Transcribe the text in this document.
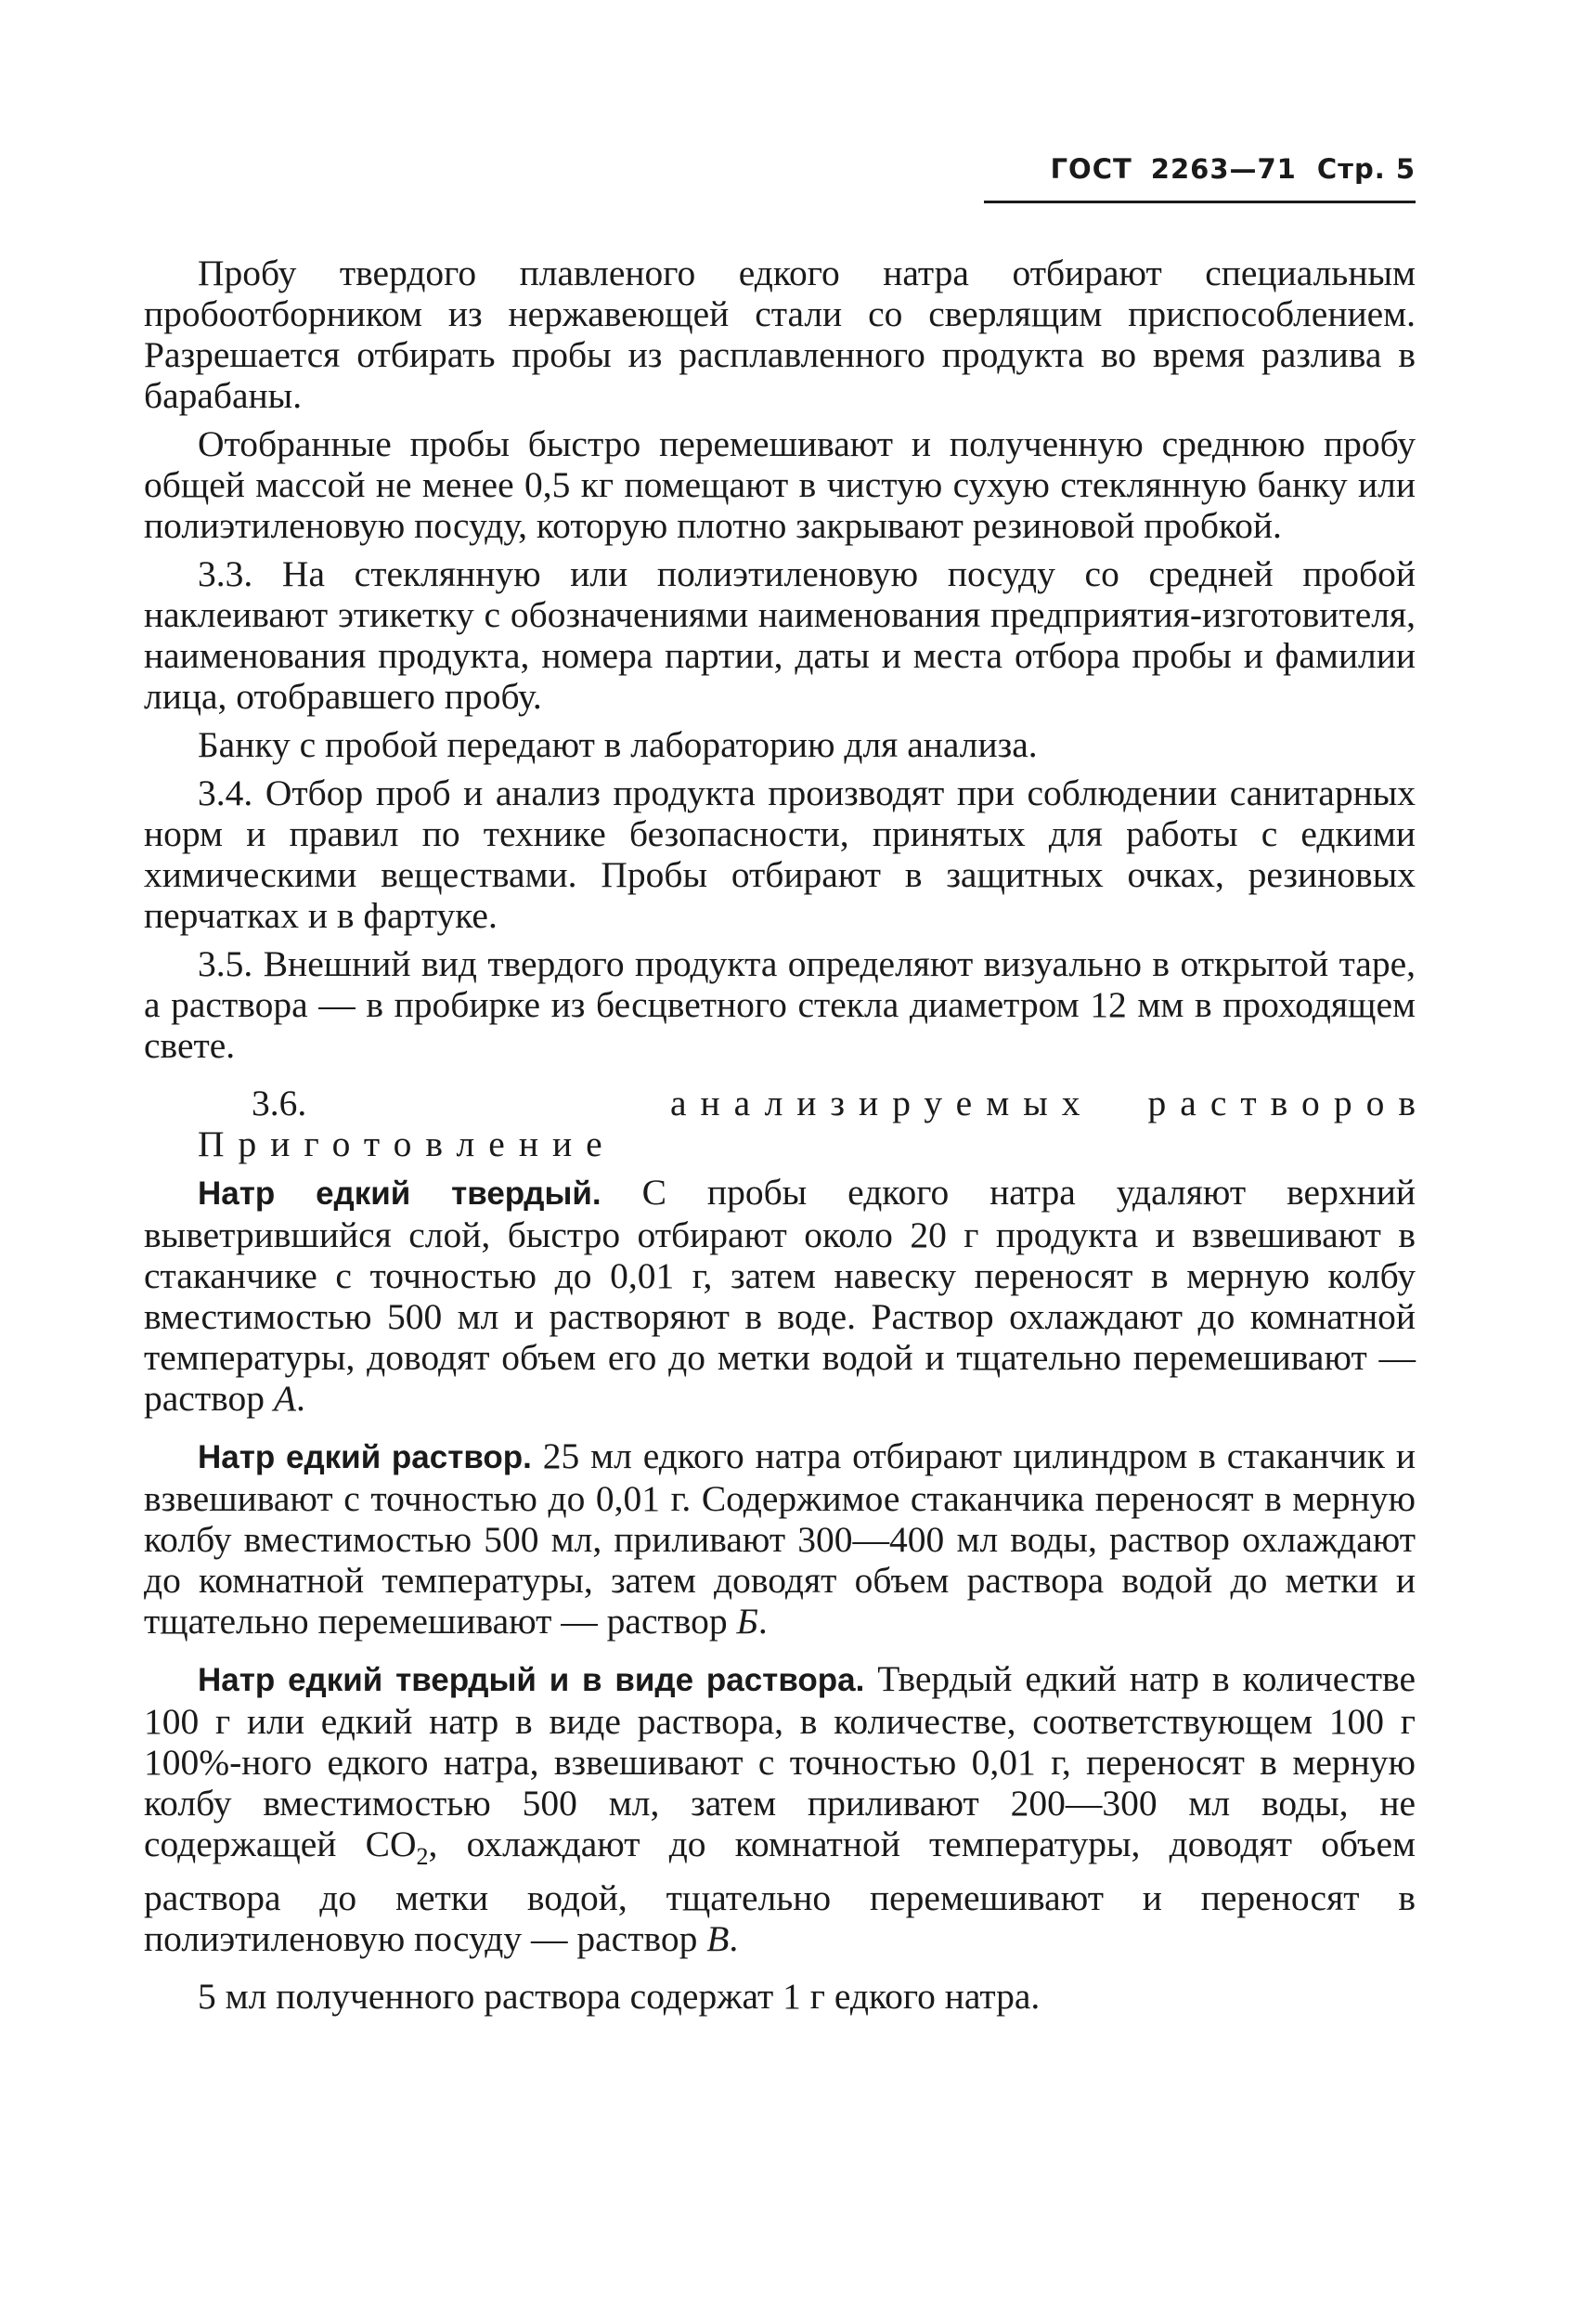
ГОСТ 2263—71 Стр. 5

Пробу твердого плавленого едкого натра отбирают специальным пробоотборником из нержавеющей стали со сверлящим приспособлением. Разрешается отбирать пробы из расплавленного продукта во время разлива в барабаны.

Отобранные пробы быстро перемешивают и полученную среднюю пробу общей массой не менее 0,5 кг помещают в чистую сухую стеклянную банку или полиэтиленовую посуду, которую плотно закрывают резиновой пробкой.

3.3. На стеклянную или полиэтиленовую посуду со средней пробой наклеивают этикетку с обозначениями наименования предприятия-изготовителя, наименования продукта, номера партии, даты и места отбора пробы и фамилии лица, отобравшего пробу.

Банку с пробой передают в лабораторию для анализа.

3.4. Отбор проб и анализ продукта производят при соблюдении санитарных норм и правил по технике безопасности, принятых для работы с едкими химическими веществами. Пробы отбирают в защитных очках, резиновых перчатках и в фартуке.

3.5. Внешний вид твердого продукта определяют визуально в открытой таре, а раствора — в пробирке из бесцветного стекла диаметром 12 мм в проходящем свете.

3.6. Приготовление
анализируемых	растворов

Натр едкий твердый. С пробы едкого натра удаляют верхний выветрившийся слой, быстро отбирают около 20 г продукта и взвешивают в стаканчике с точностью до 0,01 г, затем навеску переносят в мерную колбу вместимостью 500 мл и растворяют в воде. Раствор охлаждают до комнатной температуры, доводят объем его до метки водой и тщательно перемешивают — раствор А.

Натр едкий раствор. 25 мл едкого натра отбирают цилиндром в стаканчик и взвешивают с точностью до 0,01 г. Содержимое стаканчика переносят в мерную колбу вместимостью 500 мл, приливают 300—400 мл воды, раствор охлаждают до комнатной температуры, затем доводят объем раствора водой до метки и тщательно перемешивают — раствор Б.

Натр едкий твердый и в виде раствора. Твердый едкий натр в количестве 100 г или едкий натр в виде раствора, в количестве, соответствующем 100 г 100%-ного едкого натра, взвешивают с точностью 0,01 г, переносят в мерную колбу вместимостью 500 мл, затем приливают 200—300 мл воды, не содержащей $CO_2$, охлаждают до комнатной температуры, доводят объем раствора до метки водой, тщательно перемешивают и переносят в полиэтиленовую посуду — раствор В.

5 мл полученного раствора содержат 1 г едкого натра.
